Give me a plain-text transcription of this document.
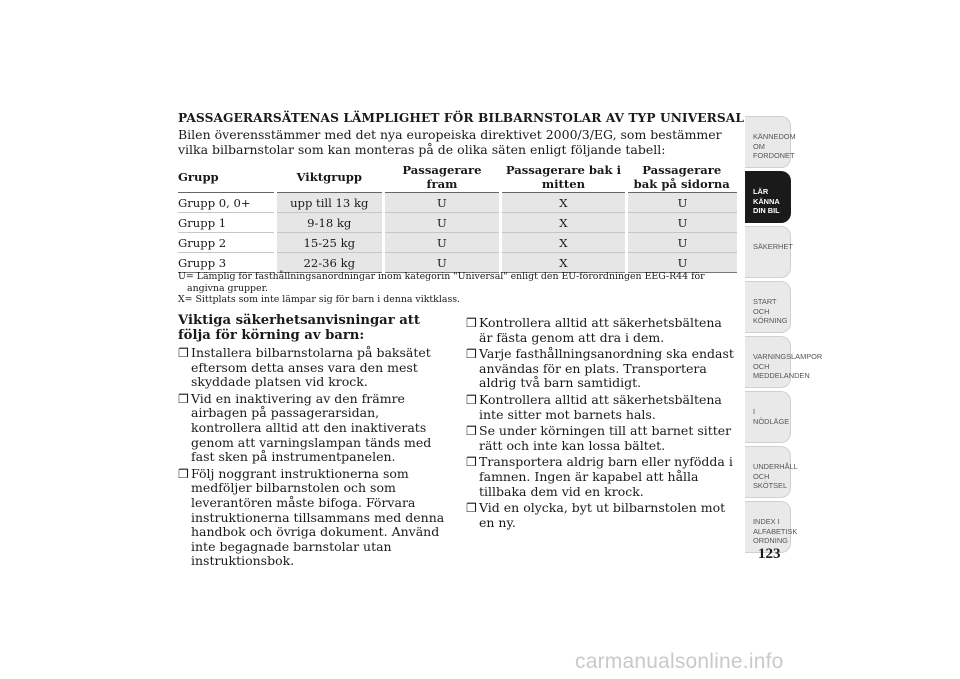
PASSAGERARSÄTENAS LÄMPLIGHET FÖR BILBARNSTOLAR AV TYP UNIVERSAL
Bilen överensstämmer med det nya europeiska direktivet 2000/3/EG, som bestämmer vilka bilbarnstolar som kan monteras på de olika säten enligt följande tabell:
Grupp	Viktgrupp	Passagerare fram	Passagerare bak i mitten	Passagerare bak på sidorna
Grupp 0, 0+	upp till 13 kg	U	X	U
Grupp 1	9-18 kg	U	X	U
Grupp 2	15-25 kg	U	X	U
Grupp 3	22-36 kg	U	X	U
U= Lämplig för fasthållningsanordningar inom kategorin "Universal" enligt den EU-förordningen EEG-R44 för angivna grupper.
X= Sittplats som inte lämpar sig för barn i denna viktklass.
Viktiga säkerhetsanvisningar att följa för körning av barn:
❒ Installera bilbarnstolarna på baksätet eftersom detta anses vara den mest skyddade platsen vid krock.
❒ Vid en inaktivering av den främre airbagen på passagerarsidan, kontrollera alltid att den inaktiverats genom att varningslampan tänds med fast sken på instrumentpanelen.
❒ Följ noggrant instruktionerna som medföljer bilbarnstolen och som leverantören måste bifoga. Förvara instruktionerna tillsammans med denna handbok och övriga dokument. Använd inte begagnade barnstolar utan instruktionsbok.
❒ Kontrollera alltid att säkerhetsbältena är fästa genom att dra i dem.
❒ Varje fasthållningsanordning ska endast användas för en plats. Transportera aldrig två barn samtidigt.
❒ Kontrollera alltid att säkerhetsbältena inte sitter mot barnets hals.
❒ Se under körningen till att barnet sitter rätt och inte kan lossa bältet.
❒ Transportera aldrig barn eller nyfödda i famnen. Ingen är kapabel att hålla tillbaka dem vid en krock.
❒ Vid en olycka, byt ut bilbarnstolen mot en ny.
KÄNNEDOM OM FORDONET
LÄR KÄNNA DIN BIL
SÄKERHET
START OCH KÖRNING
VARNINGSLAMPOR OCH MEDDELANDEN
I NÖDLÄGE
UNDERHÅLL OCH SKÖTSEL
INDEX I ALFABETISK ORDNING
123
carmanualsonline.info
